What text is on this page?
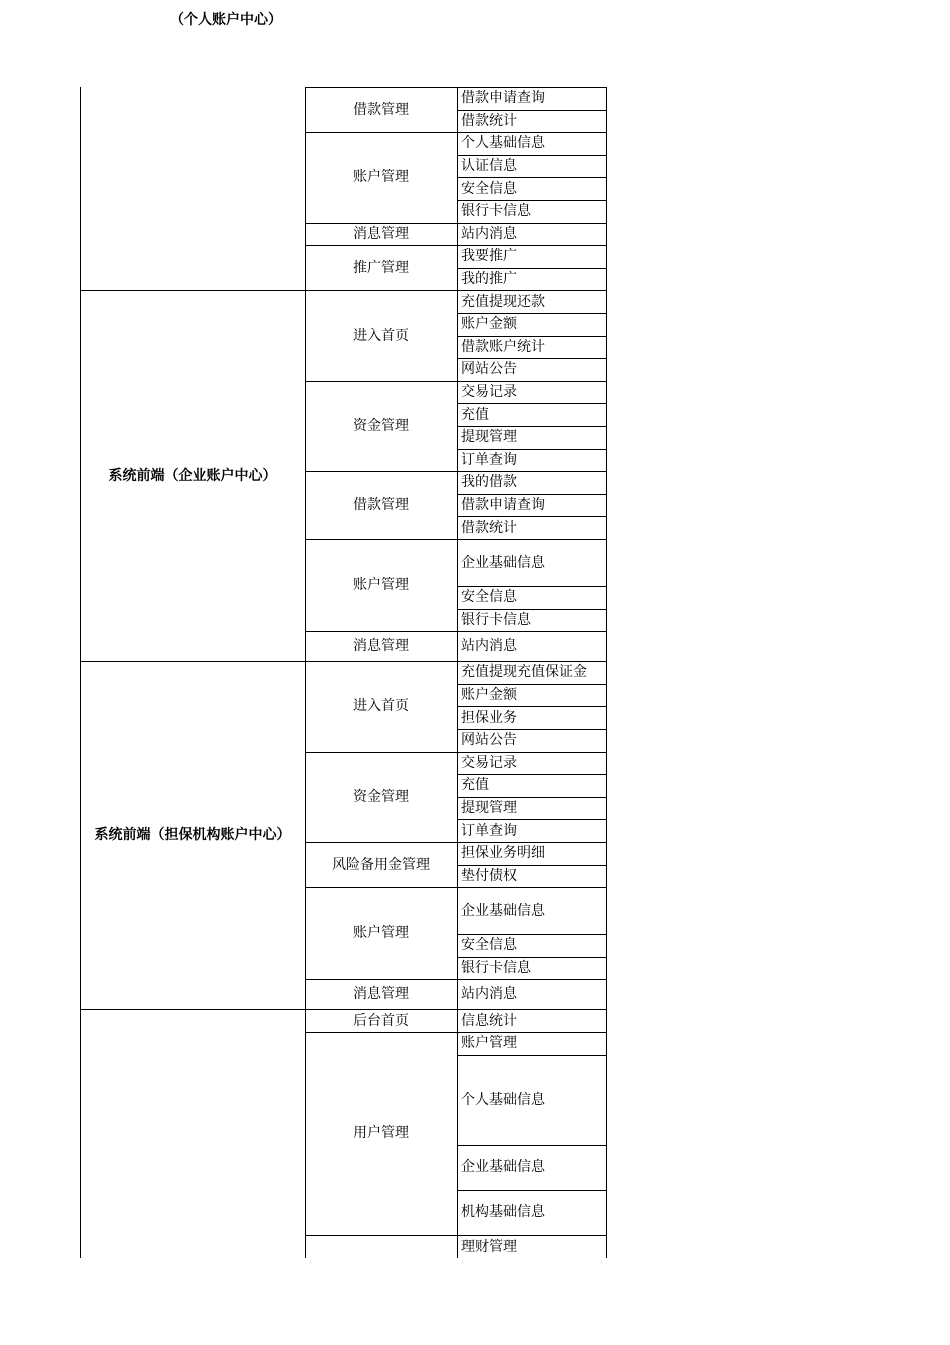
（个人账户中心）
借款申请查询
借款统计
借款管理
个人基础信息
认证信息
安全信息
银行卡信息
账户管理
站内消息
消息管理
我要推广
我的推广
推广管理
充值提现还款
账户金额
借款账户统计
网站公告
进入首页
交易记录
充值
提现管理
订单查询
资金管理
我的借款
借款申请查询
借款统计
借款管理
企业基础信息
安全信息
银行卡信息
账户管理
站内消息
消息管理
系统前端（企业账户中心）
充值提现充值保证金
账户金额
担保业务
网站公告
进入首页
交易记录
充值
提现管理
订单查询
资金管理
担保业务明细
垫付债权
风险备用金管理
企业基础信息
安全信息
银行卡信息
账户管理
站内消息
消息管理
系统前端（担保机构账户中心）
信息统计
后台首页
账户管理
个人基础信息
企业基础信息
机构基础信息
用户管理
理财管理
